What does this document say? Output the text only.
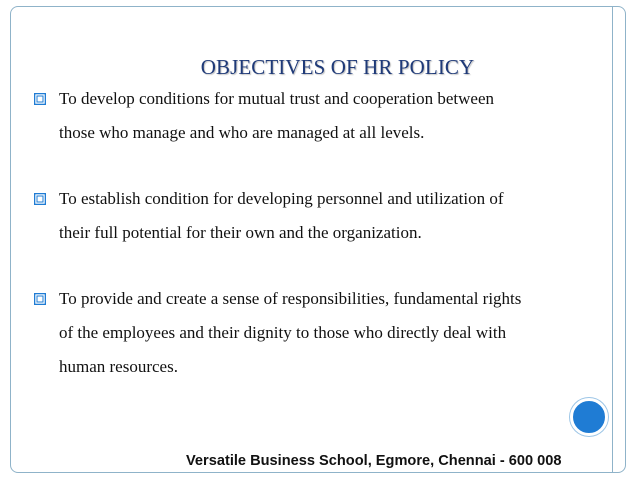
OBJECTIVES OF HR POLICY
To develop conditions for mutual trust and cooperation between
those who manage and who are managed at all levels.
To establish condition for developing personnel and utilization of
their full potential for their own and the organization.
To provide and create a sense of responsibilities, fundamental rights
of the employees and their dignity to those who directly deal with
human resources.
Versatile Business School, Egmore, Chennai - 600 008
